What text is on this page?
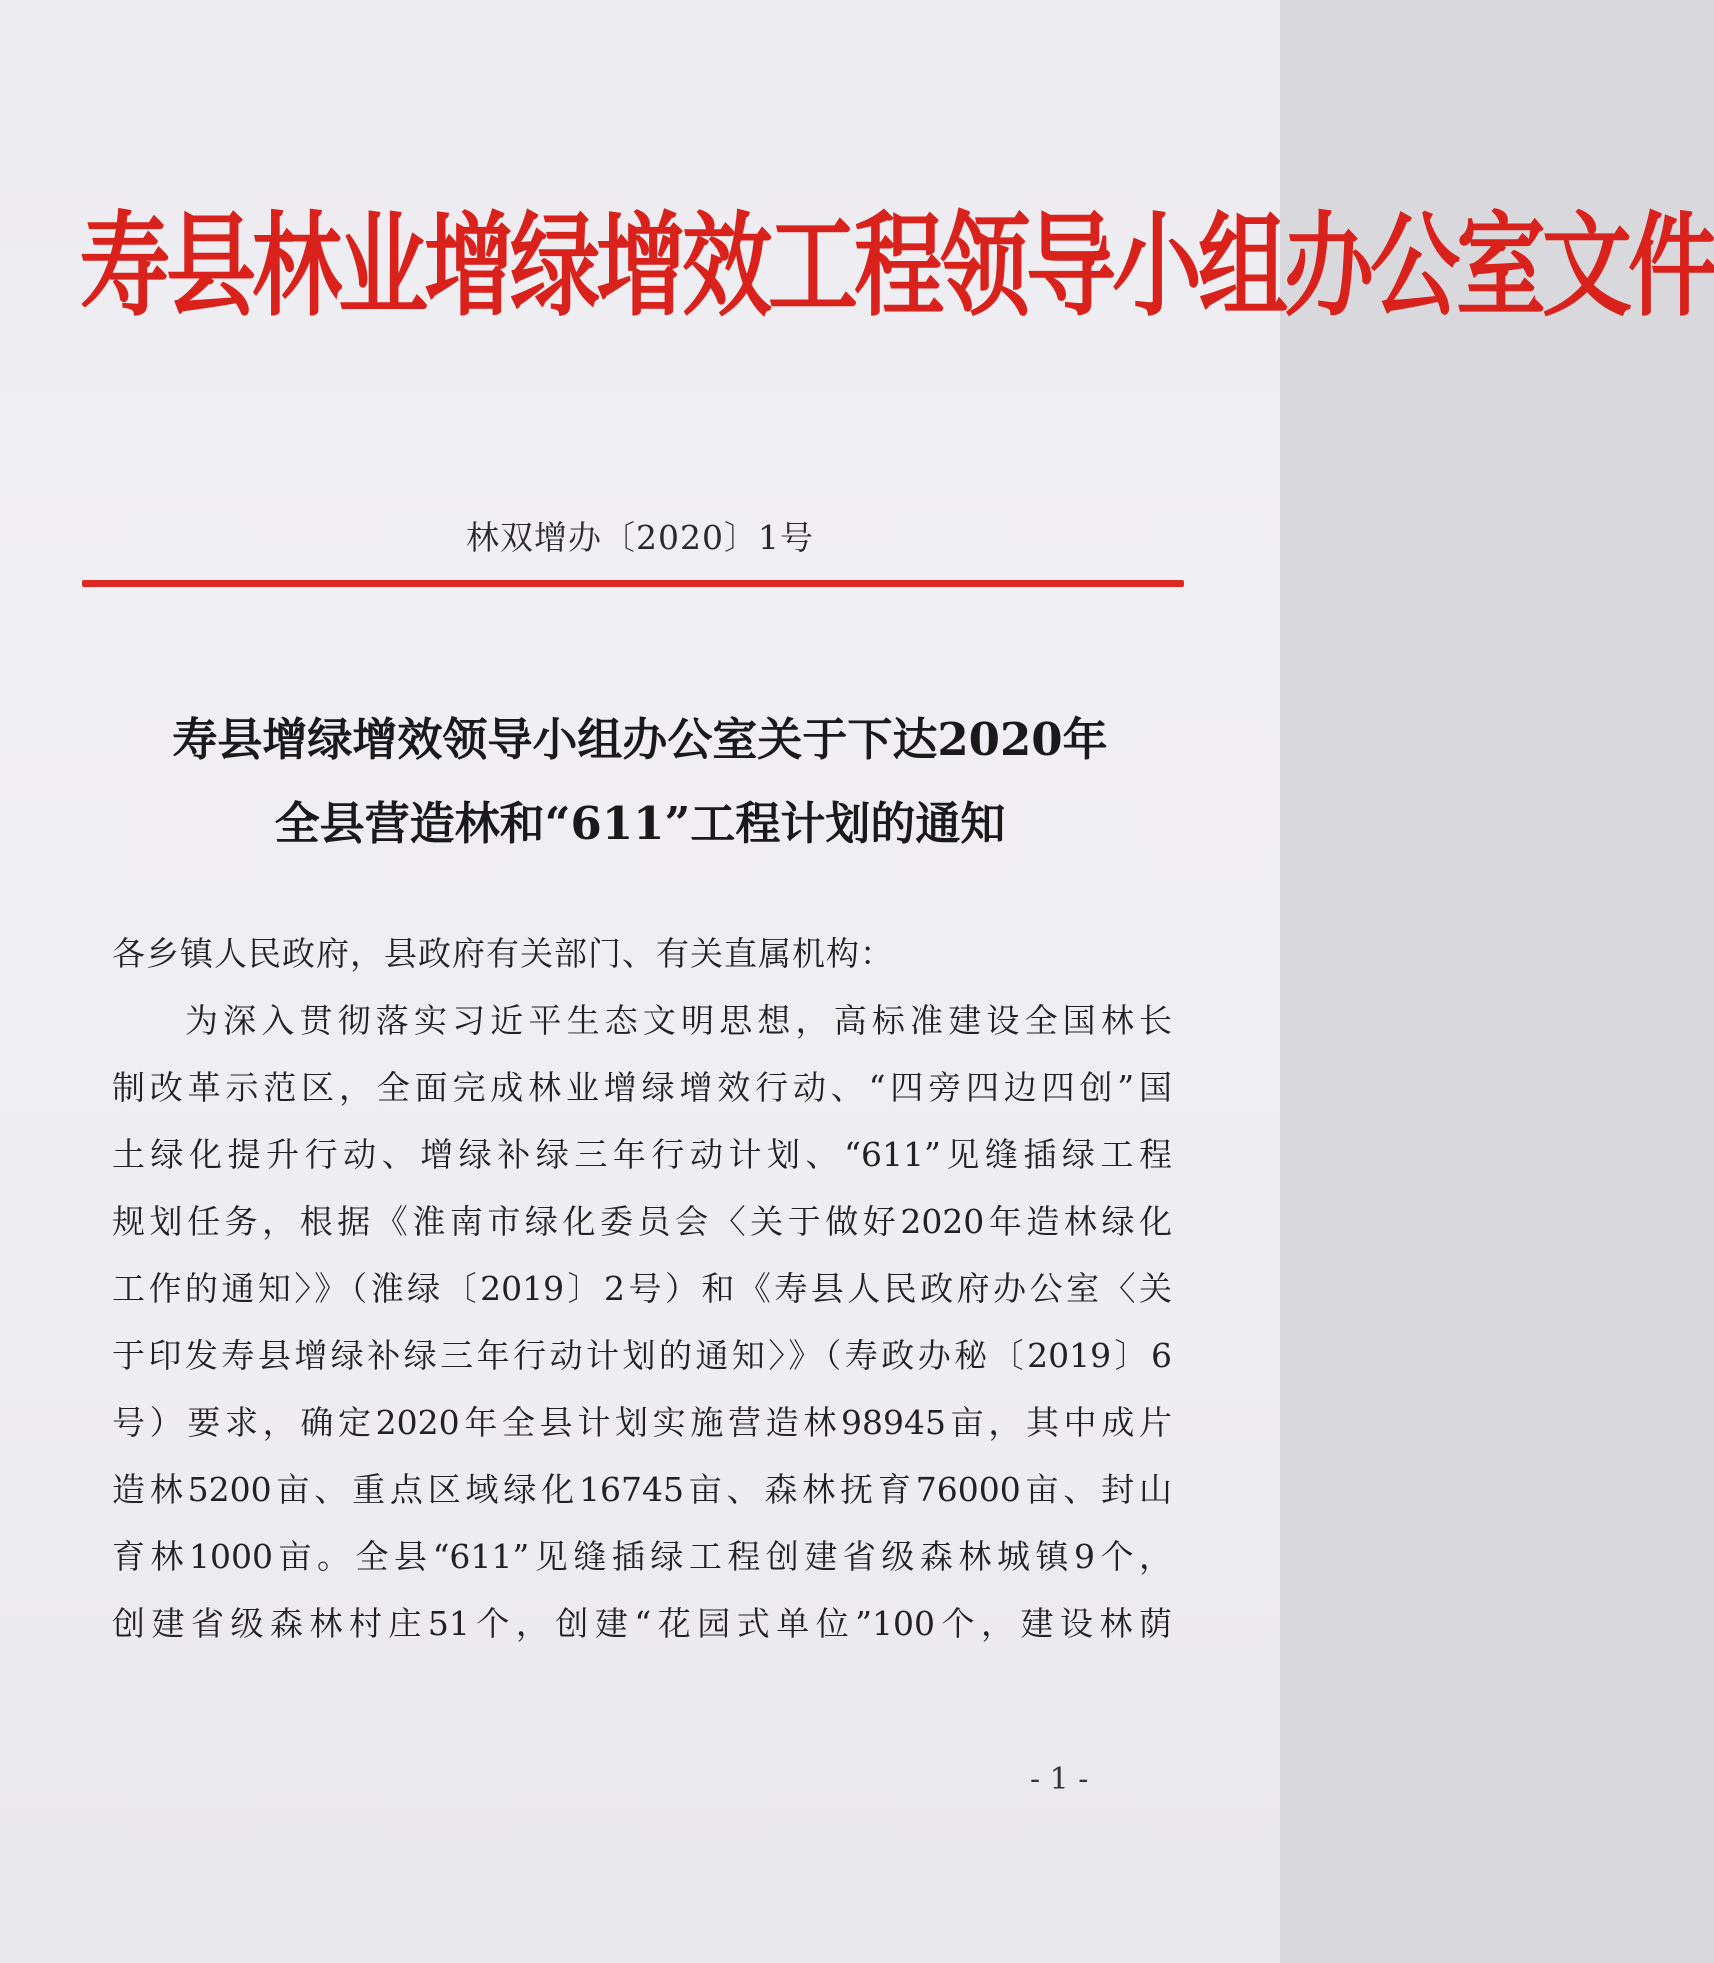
寿县林业增绿增效工程领导小组办公室文件
林双增办〔2020〕1号
寿县增绿增效领导小组办公室关于下达2020年
全县营造林和“611”工程计划的通知
各乡镇人民政府，县政府有关部门、有关直属机构：
为深入贯彻落实习近平生态文明思想，高标准建设全国林长
制改革示范区，全面完成林业增绿增效行动、“四旁四边四创”国
土绿化提升行动、增绿补绿三年行动计划、“611”见缝插绿工程
规划任务，根据《淮南市绿化委员会〈关于做好2020年造林绿化
工作的通知〉》（淮绿〔2019〕2号）和《寿县人民政府办公室〈关
于印发寿县增绿补绿三年行动计划的通知〉》（寿政办秘〔2019〕6
号）要求，确定2020年全县计划实施营造林98945亩，其中成片
造林5200亩、重点区域绿化16745亩、森林抚育76000亩、封山
育林1000亩。全县“611”见缝插绿工程创建省级森林城镇9个，
创建省级森林村庄51个，创建“花园式单位”100个，建设林荫
- 1 -
